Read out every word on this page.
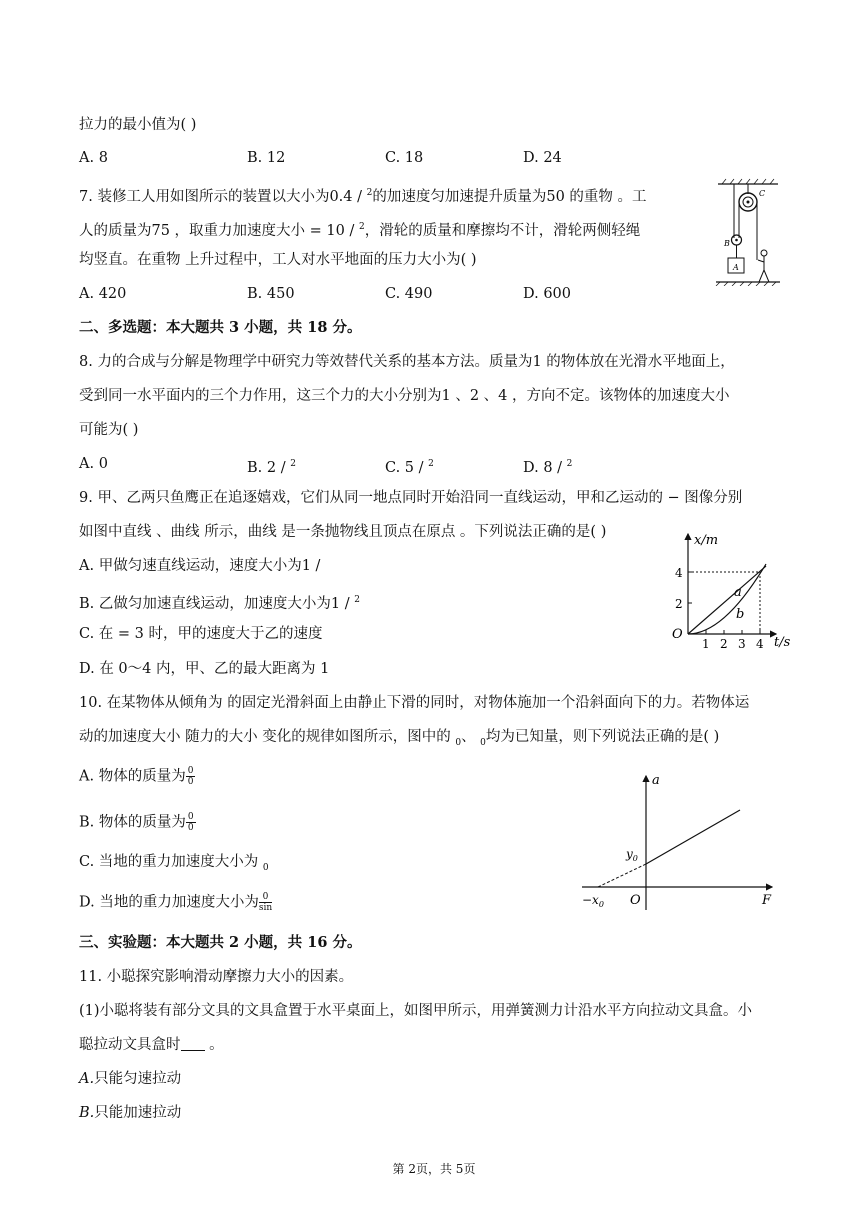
拉力的最小值为( )
A. 8	B. 12	C. 18	D. 24
7. 装修工人用如图所示的装置以大小为0.4 / $^2$的加速度匀加速提升质量为50 的重物 。工
人的质量为75 ，取重力加速度大小 = 10 / $^2$，滑轮的质量和摩擦均不计，滑轮两侧轻绳
均竖直。在重物 上升过程中，工人对水平地面的压力大小为( )
A. 420	B. 450	C. 490	D. 600
C
B
A
二、多选题：本大题共 3 小题，共 18 分。
8. 力的合成与分解是物理学中研究力等效替代关系的基本方法。质量为1 的物体放在光滑水平地面上，
受到同一水平面内的三个力作用，这三个力的大小分别为1 、2 、4 ，方向不定。该物体的加速度大小
可能为( )
A. 0	B. 2 / $^2$	C. 5 / $^2$	D. 8 / $^2$
9. 甲、乙两只鱼鹰正在追逐嬉戏，它们从同一地点同时开始沿同一直线运动，甲和乙运动的 − 图像分别
如图中直线 、曲线 所示，曲线 是一条抛物线且顶点在原点 。下列说法正确的是( )
A. 甲做匀速直线运动，速度大小为1 /
B. 乙做匀加速直线运动，加速度大小为1 / $^2$
C. 在 = 3 时，甲的速度大于乙的速度
D. 在 0～4 内，甲、乙的最大距离为 1
x/m
t/s
O
1 2 3 4
2
4
a
b
10. 在某物体从倾角为 的固定光滑斜面上由静止下滑的同时，对物体施加一个沿斜面向下的力。若物体运
动的加速度大小 随力的大小 变化的规律如图所示，图中的 $_0$、 $_0$均为已知量，则下列说法正确的是( )
A. 物体的质量为 $\frac{0}{0}$
B. 物体的质量为 $\frac{0}{0}$
C. 当地的重力加速度大小为 $_0$
D. 当地的重力加速度大小为 $\frac{0}{\sin}$
a
F
O
$y_0$
$-x_0$
三、实验题：本大题共 2 小题，共 16 分。
11. 小聪探究影响滑动摩擦力大小的因素。
(1)小聪将装有部分文具的文具盒置于水平桌面上，如图甲所示，用弹簧测力计沿水平方向拉动文具盒。小
聪拉动文具盒时 。
A.只能匀速拉动
B.只能加速拉动
第 2页，共 5页
